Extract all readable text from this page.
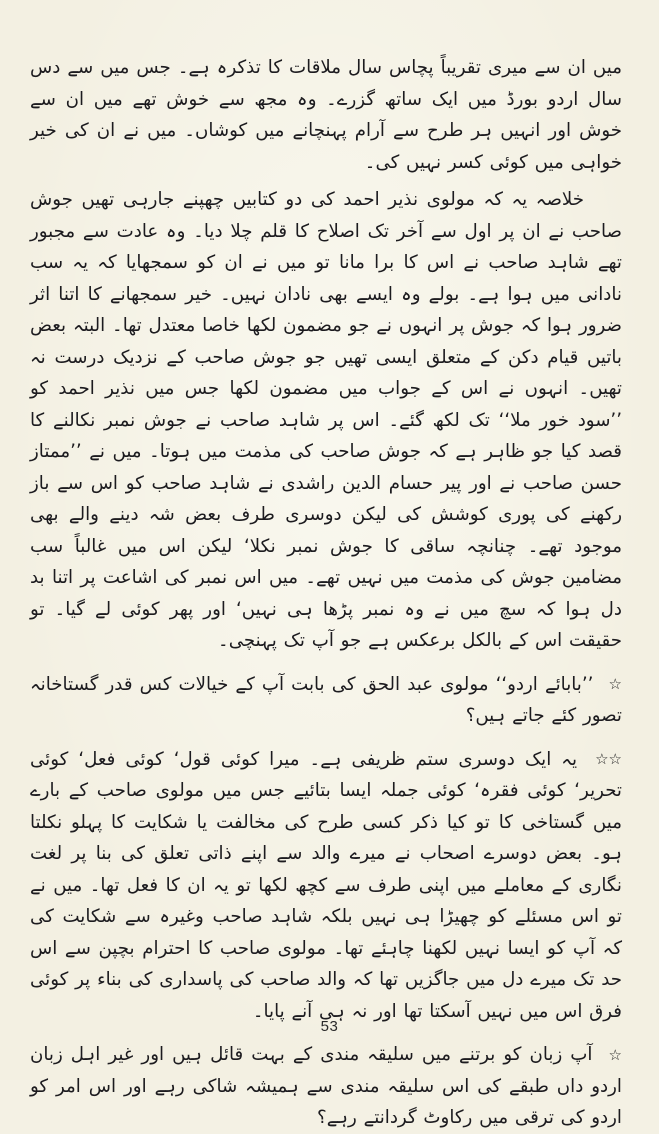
میں ان سے میری تقریباً پچاس سال ملاقات کا تذکرہ ہے۔ جس میں سے دس سال اردو بورڈ میں ایک ساتھ گزرے۔ وہ مجھ سے خوش تھے میں ان سے خوش اور انہیں ہر طرح سے آرام پہنچانے میں کوشاں۔ میں نے ان کی خیر خواہی میں کوئی کسر نہیں کی۔

خلاصہ یہ کہ مولوی نذیر احمد کی دو کتابیں چھپنے جارہی تھیں جوش صاحب نے ان پر اول سے آخر تک اصلاح کا قلم چلا دیا۔ وہ عادت سے مجبور تھے شاہد صاحب نے اس کا برا مانا تو میں نے ان کو سمجھایا کہ یہ سب نادانی میں ہوا ہے۔ بولے وہ ایسے بھی نادان نہیں۔ خیر سمجھانے کا اتنا اثر ضرور ہوا کہ جوش پر انہوں نے جو مضمون لکھا خاصا معتدل تھا۔ البتہ بعض باتیں قیام دکن کے متعلق ایسی تھیں جو جوش صاحب کے نزدیک درست نہ تھیں۔ انہوں نے اس کے جواب میں مضمون لکھا جس میں نذیر احمد کو ’’سود خور ملا‘‘ تک لکھ گئے۔ اس پر شاہد صاحب نے جوش نمبر نکالنے کا قصد کیا جو ظاہر ہے کہ جوش صاحب کی مذمت میں ہوتا۔ میں نے ’’ممتاز حسن صاحب نے اور پیر حسام الدین راشدی نے شاہد صاحب کو اس سے باز رکھنے کی پوری کوشش کی لیکن دوسری طرف بعض شہ دینے والے بھی موجود تھے۔ چنانچہ ساقی کا جوش نمبر نکلا‘ لیکن اس میں غالباً سب مضامین جوش کی مذمت میں نہیں تھے۔ میں اس نمبر کی اشاعت پر اتنا بد دل ہوا کہ سچ میں نے وہ نمبر پڑھا ہی نہیں‘ اور پھر کوئی لے گیا۔ تو حقیقت اس کے بالکل برعکس ہے جو آپ تک پہنچی۔

☆ ’’بابائے اردو‘‘ مولوی عبد الحق کی بابت آپ کے خیالات کس قدر گستاخانہ تصور کئے جاتے ہیں؟

☆☆ یہ ایک دوسری ستم ظریفی ہے۔ میرا کوئی قول‘ کوئی فعل‘ کوئی تحریر‘ کوئی فقرہ‘ کوئی جملہ ایسا بتائیے جس میں مولوی صاحب کے بارے میں گستاخی کا تو کیا ذکر کسی طرح کی مخالفت یا شکایت کا پہلو نکلتا ہو۔ بعض دوسرے اصحاب نے میرے والد سے اپنے ذاتی تعلق کی بنا پر لغت نگاری کے معاملے میں اپنی طرف سے کچھ لکھا تو یہ ان کا فعل تھا۔ میں نے تو اس مسئلے کو چھیڑا ہی نہیں بلکہ شاہد صاحب وغیرہ سے شکایت کی کہ آپ کو ایسا نہیں لکھنا چاہئے تھا۔ مولوی صاحب کا احترام بچپن سے اس حد تک میرے دل میں جاگزیں تھا کہ والد صاحب کی پاسداری کی بناء پر کوئی فرق اس میں نہیں آسکتا تھا اور نہ ہی آنے پایا۔

☆ آپ زبان کو برتنے میں سلیقہ مندی کے بہت قائل ہیں اور غیر اہل زبان اردو داں طبقے کی اس سلیقہ مندی سے ہمیشہ شاکی رہے اور اس امر کو اردو کی ترقی میں رکاوٹ گردانتے رہے؟

53
